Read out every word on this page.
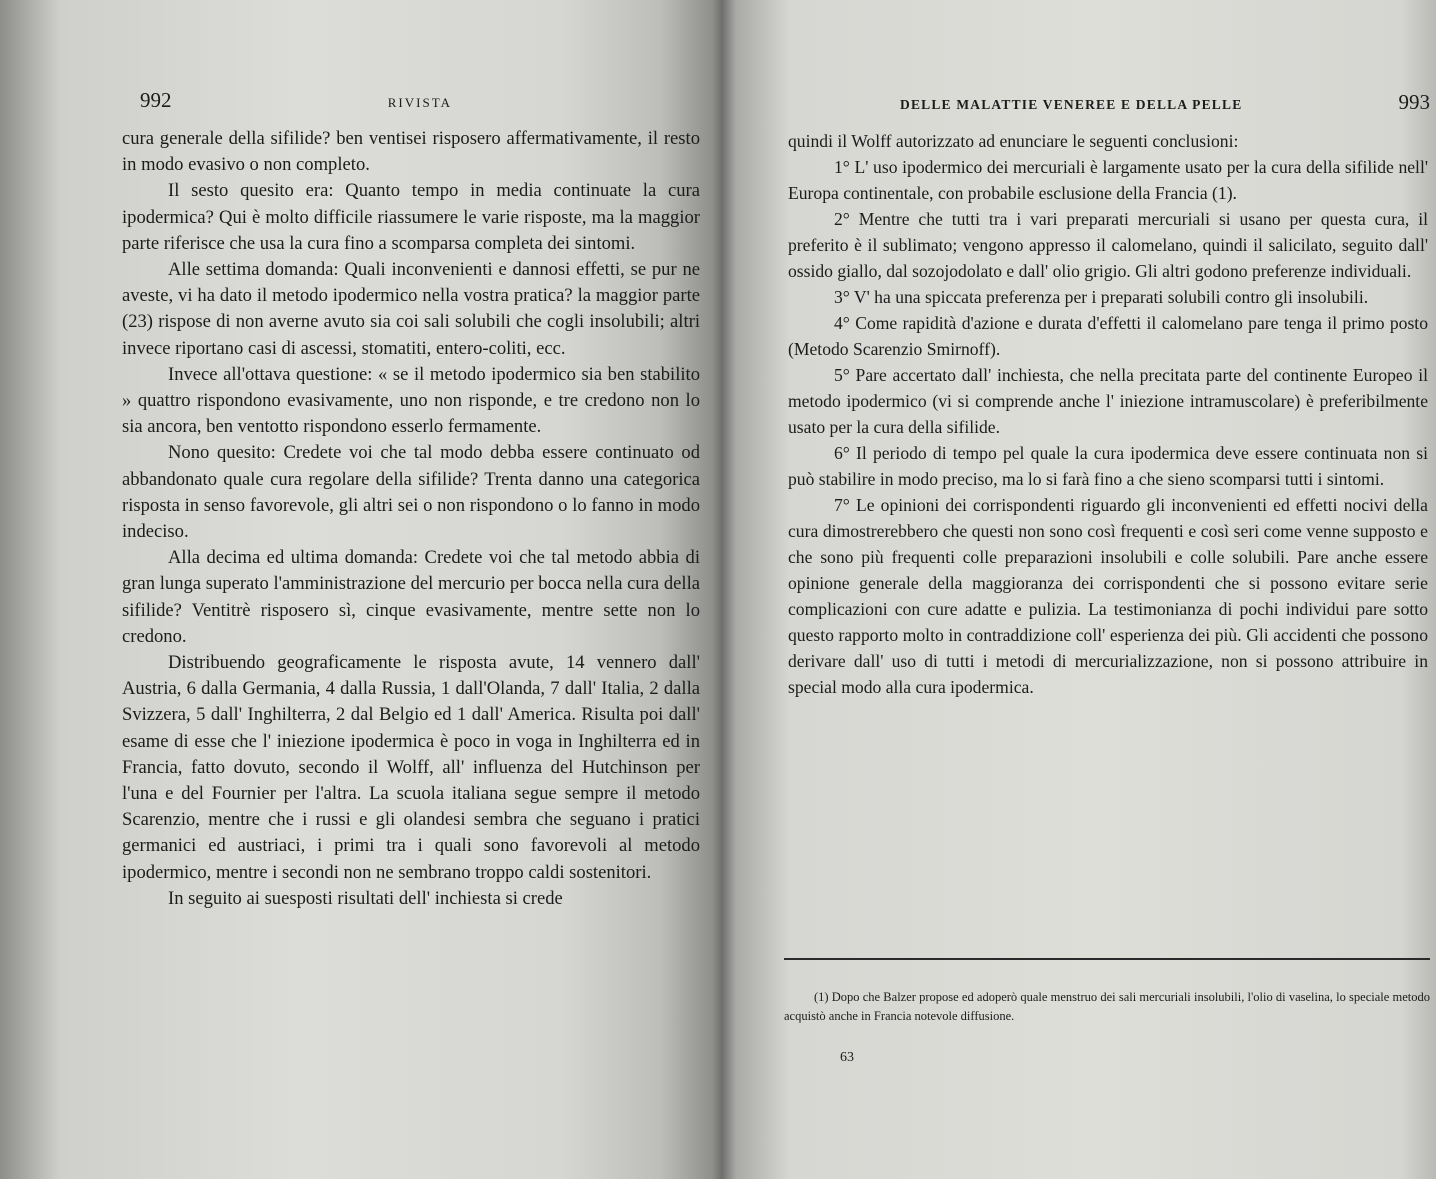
992	RIVISTA

cura generale della sifilide? ben ventisei risposero affermativamente, il resto in modo evasivo o non completo.

Il sesto quesito era: Quanto tempo in media continuate la cura ipodermica? Qui è molto difficile riassumere le varie risposte, ma la maggior parte riferisce che usa la cura fino a scomparsa completa dei sintomi.

Alle settima domanda: Quali inconvenienti e dannosi effetti, se pur ne aveste, vi ha dato il metodo ipodermico nella vostra pratica? la maggior parte (23) rispose di non averne avuto sia coi sali solubili che cogli insolubili; altri invece riportano casi di ascessi, stomatiti, entero-coliti, ecc.

Invece all'ottava questione: « se il metodo ipodermico sia ben stabilito » quattro rispondono evasivamente, uno non risponde, e tre credono non lo sia ancora, ben ventotto rispondono esserlo fermamente.

Nono quesito: Credete voi che tal modo debba essere continuato od abbandonato quale cura regolare della sifilide? Trenta danno una categorica risposta in senso favorevole, gli altri sei o non rispondono o lo fanno in modo indeciso.

Alla decima ed ultima domanda: Credete voi che tal metodo abbia di gran lunga superato l'amministrazione del mercurio per bocca nella cura della sifilide? Ventitrè risposero sì, cinque evasivamente, mentre sette non lo credono.

Distribuendo geograficamente le risposta avute, 14 vennero dall' Austria, 6 dalla Germania, 4 dalla Russia, 1 dall'Olanda, 7 dall' Italia, 2 dalla Svizzera, 5 dall' Inghilterra, 2 dal Belgio ed 1 dall' America. Risulta poi dall' esame di esse che l' iniezione ipodermica è poco in voga in Inghilterra ed in Francia, fatto dovuto, secondo il Wolff, all' influenza del Hutchinson per l'una e del Fournier per l'altra. La scuola italiana segue sempre il metodo Scarenzio, mentre che i russi e gli olandesi sembra che seguano i pratici germanici ed austriaci, i primi tra i quali sono favorevoli al metodo ipodermico, mentre i secondi non ne sembrano troppo caldi sostenitori.

In seguito ai suesposti risultati dell' inchiesta si crede

DELLE MALATTIE VENEREE E DELLA PELLE	993

quindi il Wolff autorizzato ad enunciare le seguenti conclusioni:

1° L' uso ipodermico dei mercuriali è largamente usato per la cura della sifilide nell' Europa continentale, con probabile esclusione della Francia (1).

2° Mentre che tutti tra i vari preparati mercuriali si usano per questa cura, il preferito è il sublimato; vengono appresso il calomelano, quindi il salicilato, seguito dall' ossido giallo, dal sozojodolato e dall' olio grigio. Gli altri godono preferenze individuali.

3° V' ha una spiccata preferenza per i preparati solubili contro gli insolubili.

4° Come rapidità d'azione e durata d'effetti il calomelano pare tenga il primo posto (Metodo Scarenzio Smirnoff).

5° Pare accertato dall' inchiesta, che nella precitata parte del continente Europeo il metodo ipodermico (vi si comprende anche l' iniezione intramuscolare) è preferibilmente usato per la cura della sifilide.

6° Il periodo di tempo pel quale la cura ipodermica deve essere continuata non si può stabilire in modo preciso, ma lo si farà fino a che sieno scomparsi tutti i sintomi.

7° Le opinioni dei corrispondenti riguardo gli inconvenienti ed effetti nocivi della cura dimostrerebbero che questi non sono così frequenti e così seri come venne supposto e che sono più frequenti colle preparazioni insolubili e colle solubili. Pare anche essere opinione generale della maggioranza dei corrispondenti che si possono evitare serie complicazioni con cure adatte e pulizia. La testimonianza di pochi individui pare sotto questo rapporto molto in contraddizione coll' esperienza dei più. Gli accidenti che possono derivare dall' uso di tutti i metodi di mercurializzazione, non si possono attribuire in special modo alla cura ipodermica.

(1) Dopo che Balzer propose ed adoperò quale menstruo dei sali mercuriali insolubili, l'olio di vaselina, lo speciale metodo acquistò anche in Francia notevole diffusione.
63
